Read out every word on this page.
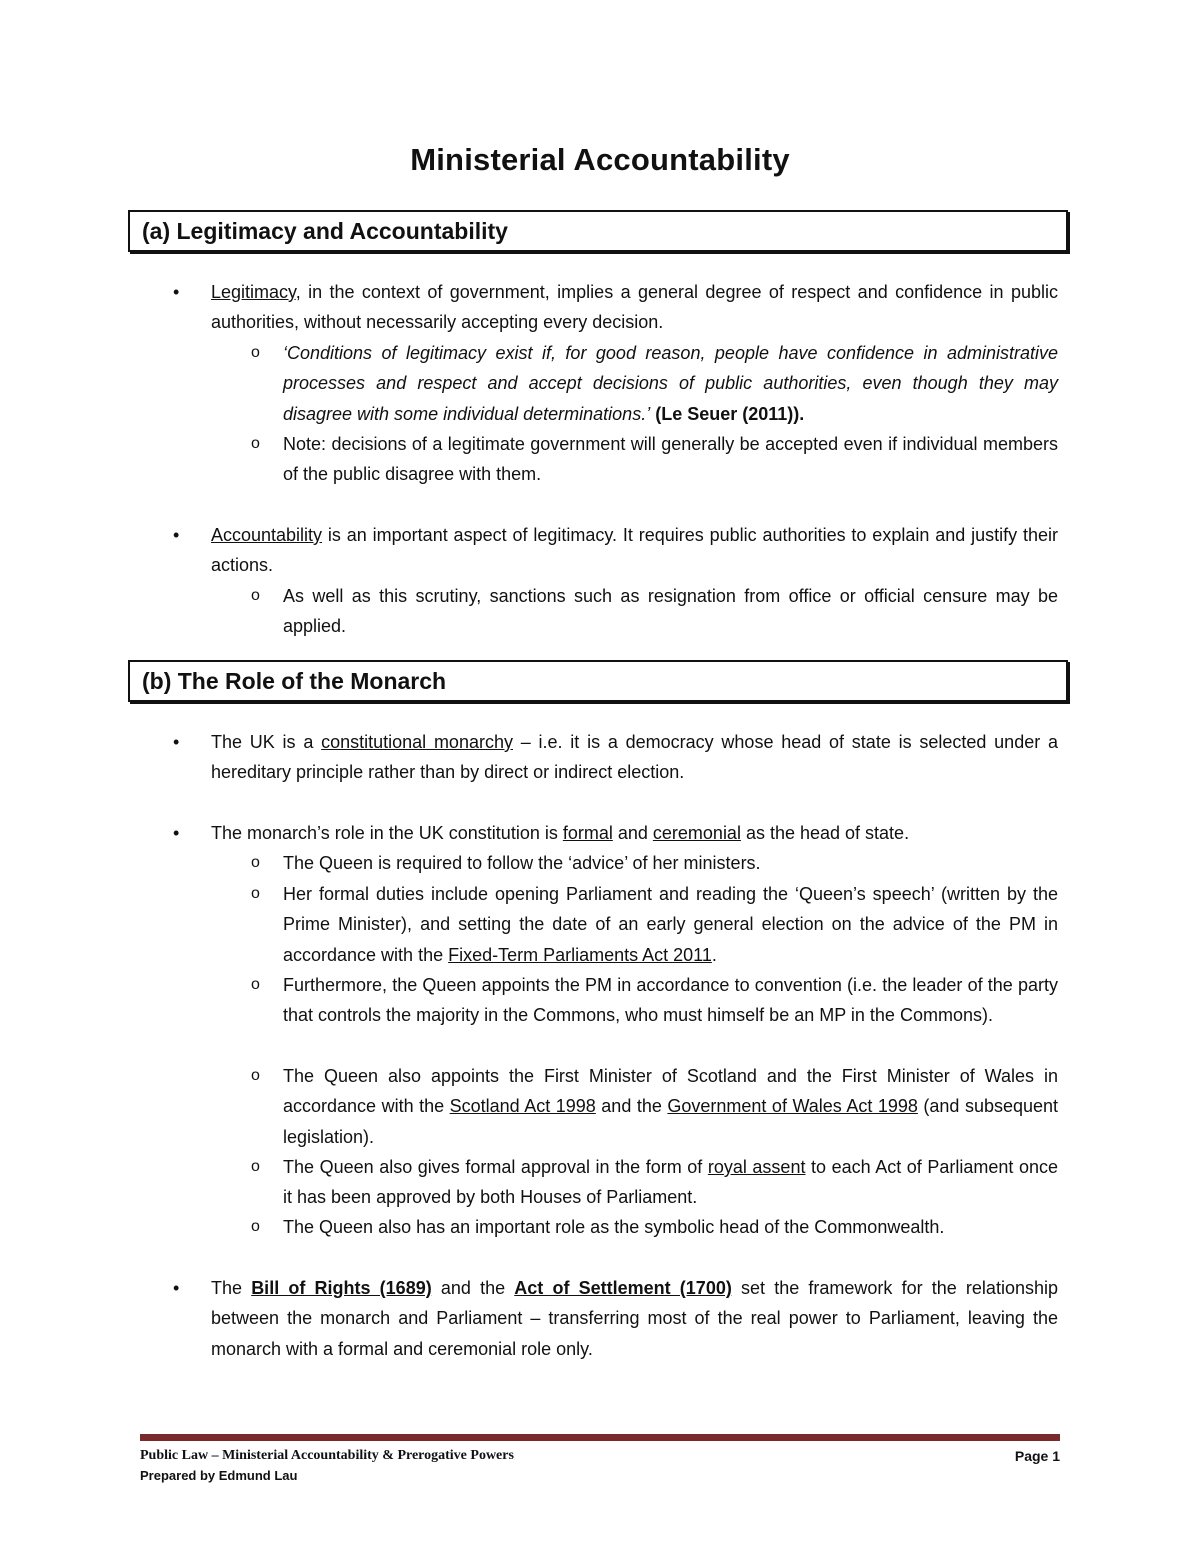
Ministerial Accountability
(a) Legitimacy and Accountability
• Legitimacy, in the context of government, implies a general degree of respect and confidence in public authorities, without necessarily accepting every decision.
o ‘Conditions of legitimacy exist if, for good reason, people have confidence in administrative processes and respect and accept decisions of public authorities, even though they may disagree with some individual determinations.’ (Le Seuer (2011)).
o Note: decisions of a legitimate government will generally be accepted even if individual members of the public disagree with them.
• Accountability is an important aspect of legitimacy. It requires public authorities to explain and justify their actions.
o As well as this scrutiny, sanctions such as resignation from office or official censure may be applied.
(b) The Role of the Monarch
• The UK is a constitutional monarchy – i.e. it is a democracy whose head of state is selected under a hereditary principle rather than by direct or indirect election.
• The monarch’s role in the UK constitution is formal and ceremonial as the head of state.
o The Queen is required to follow the ‘advice’ of her ministers.
o Her formal duties include opening Parliament and reading the ‘Queen’s speech’ (written by the Prime Minister), and setting the date of an early general election on the advice of the PM in accordance with the Fixed-Term Parliaments Act 2011.
o Furthermore, the Queen appoints the PM in accordance to convention (i.e. the leader of the party that controls the majority in the Commons, who must himself be an MP in the Commons).
o The Queen also appoints the First Minister of Scotland and the First Minister of Wales in accordance with the Scotland Act 1998 and the Government of Wales Act 1998 (and subsequent legislation).
o The Queen also gives formal approval in the form of royal assent to each Act of Parliament once it has been approved by both Houses of Parliament.
o The Queen also has an important role as the symbolic head of the Commonwealth.
• The Bill of Rights (1689) and the Act of Settlement (1700) set the framework for the relationship between the monarch and Parliament – transferring most of the real power to Parliament, leaving the monarch with a formal and ceremonial role only.
Public Law – Ministerial Accountability & Prerogative Powers	Page 1
Prepared by Edmund Lau
